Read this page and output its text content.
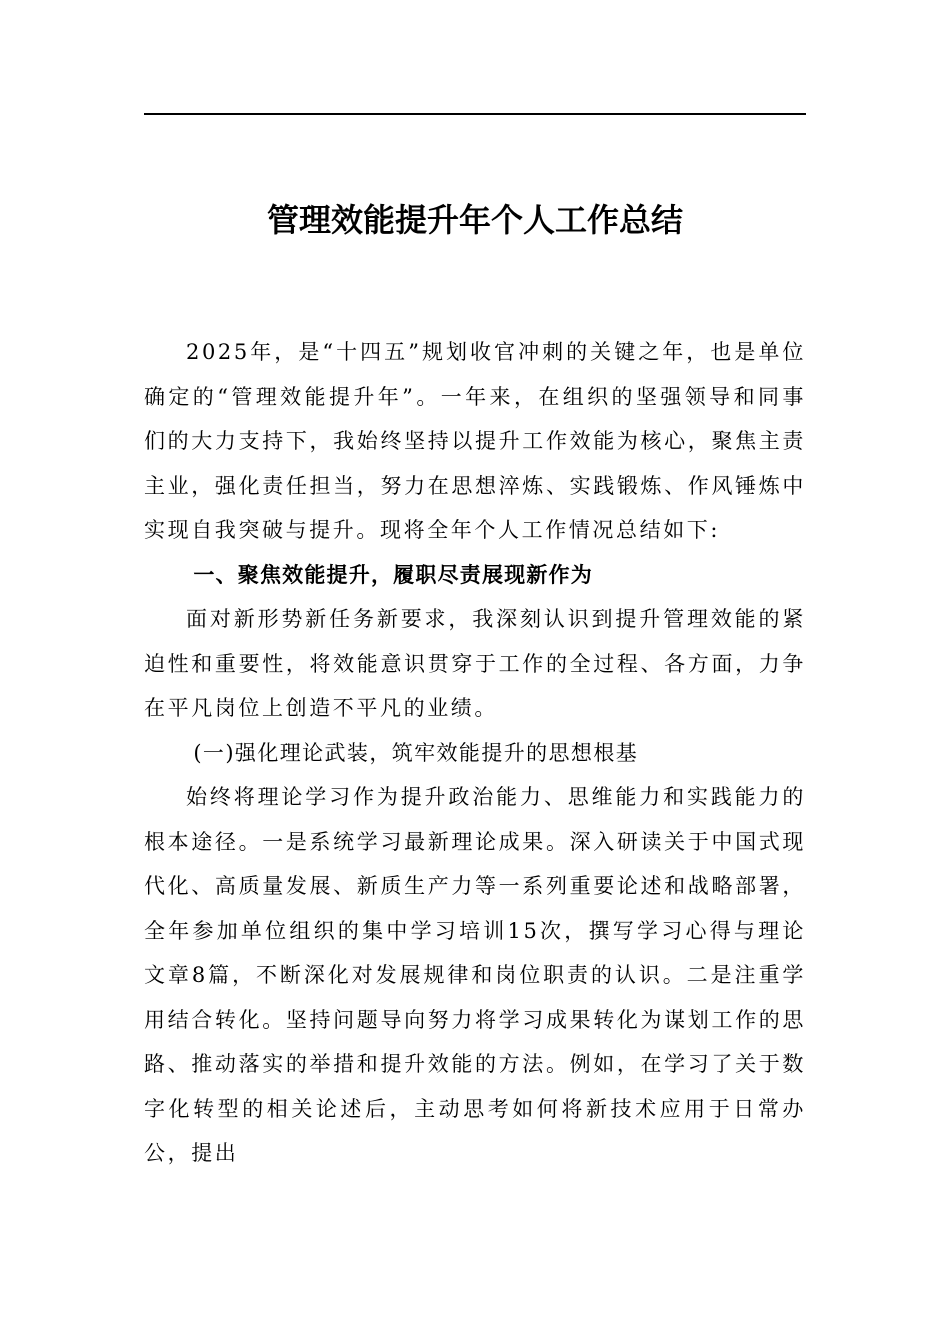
管理效能提升年个人工作总结

2025年，是“十四五”规划收官冲刺的关键之年，也是单位确定的“管理效能提升年”。一年来，在组织的坚强领导和同事们的大力支持下，我始终坚持以提升工作效能为核心，聚焦主责主业，强化责任担当，努力在思想淬炼、实践锻炼、作风锤炼中实现自我突破与提升。现将全年个人工作情况总结如下:

一、聚焦效能提升，履职尽责展现新作为

面对新形势新任务新要求，我深刻认识到提升管理效能的紧迫性和重要性，将效能意识贯穿于工作的全过程、各方面，力争在平凡岗位上创造不平凡的业绩。

(一)强化理论武装，筑牢效能提升的思想根基

始终将理论学习作为提升政治能力、思维能力和实践能力的根本途径。一是系统学习最新理论成果。深入研读关于中国式现代化、高质量发展、新质生产力等一系列重要论述和战略部署，全年参加单位组织的集中学习培训15次，撰写学习心得与理论文章8篇，不断深化对发展规律和岗位职责的认识。二是注重学用结合转化。坚持问题导向努力将学习成果转化为谋划工作的思路、推动落实的举措和提升效能的方法。例如，在学习了关于数字化转型的相关论述后，主动思考如何将新技术应用于日常办公，提出
